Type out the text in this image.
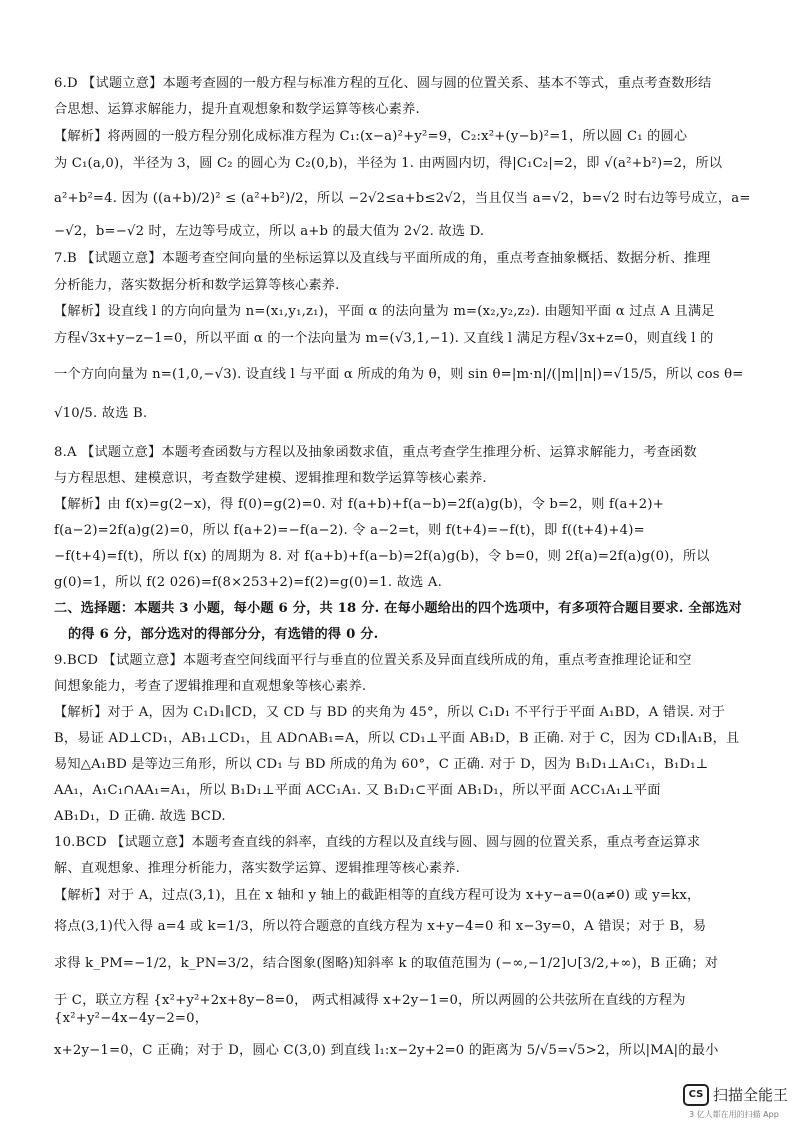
6.D 【试题立意】本题考查圆的一般方程与标准方程的互化、圆与圆的位置关系、基本不等式，重点考查数形结
合思想、运算求解能力，提升直观想象和数学运算等核心素养.
【解析】将两圆的一般方程分别化成标准方程为 C₁:(x−a)²+y²=9，C₂:x²+(y−b)²=1，所以圆 C₁ 的圆心
为 C₁(a,0)，半径为 3，圆 C₂ 的圆心为 C₂(0,b)，半径为 1. 由两圆内切，得|C₁C₂|=2，即 √(a²+b²)=2，所以
a²+b²=4. 因为 ((a+b)/2)² ≤ (a²+b²)/2，所以 −2√2≤a+b≤2√2，当且仅当 a=√2，b=√2 时右边等号成立，a=
−√2，b=−√2 时，左边等号成立，所以 a+b 的最大值为 2√2. 故选 D.
7.B 【试题立意】本题考查空间向量的坐标运算以及直线与平面所成的角，重点考查抽象概括、数据分析、推理
分析能力，落实数据分析和数学运算等核心素养.
【解析】设直线 l 的方向向量为 n=(x₁,y₁,z₁)，平面 α 的法向量为 m=(x₂,y₂,z₂). 由题知平面 α 过点 A 且满足
方程√3x+y−z−1=0，所以平面 α 的一个法向量为 m=(√3,1,−1). 又直线 l 满足方程√3x+z=0，则直线 l 的
一个方向向量为 n=(1,0,−√3). 设直线 l 与平面 α 所成的角为 θ，则 sin θ=|m·n|/(|m||n|)=√15/5，所以 cos θ=
√10/5. 故选 B.
8.A 【试题立意】本题考查函数与方程以及抽象函数求值，重点考查学生推理分析、运算求解能力，考查函数
与方程思想、建模意识，考查数学建模、逻辑推理和数学运算等核心素养.
【解析】由 f(x)=g(2−x)，得 f(0)=g(2)=0. 对 f(a+b)+f(a−b)=2f(a)g(b)，令 b=2，则 f(a+2)+
f(a−2)=2f(a)g(2)=0，所以 f(a+2)=−f(a−2). 令 a−2=t，则 f(t+4)=−f(t)，即 f((t+4)+4)=
−f(t+4)=f(t)，所以 f(x) 的周期为 8. 对 f(a+b)+f(a−b)=2f(a)g(b)，令 b=0，则 2f(a)=2f(a)g(0)，所以
g(0)=1，所以 f(2 026)=f(8×253+2)=f(2)=g(0)=1. 故选 A.
二、选择题：本题共 3 小题，每小题 6 分，共 18 分. 在每小题给出的四个选项中，有多项符合题目要求. 全部选对
的得 6 分，部分选对的得部分分，有选错的得 0 分.
9.BCD 【试题立意】本题考查空间线面平行与垂直的位置关系及异面直线所成的角，重点考查推理论证和空
间想象能力，考查了逻辑推理和直观想象等核心素养.
【解析】对于 A，因为 C₁D₁∥CD，又 CD 与 BD 的夹角为 45°，所以 C₁D₁ 不平行于平面 A₁BD，A 错误. 对于
B，易证 AD⊥CD₁，AB₁⊥CD₁，且 AD∩AB₁=A，所以 CD₁⊥平面 AB₁D，B 正确. 对于 C，因为 CD₁∥A₁B，且
易知△A₁BD 是等边三角形，所以 CD₁ 与 BD 所成的角为 60°，C 正确. 对于 D，因为 B₁D₁⊥A₁C₁，B₁D₁⊥
AA₁，A₁C₁∩AA₁=A₁，所以 B₁D₁⊥平面 ACC₁A₁. 又 B₁D₁⊂平面 AB₁D₁，所以平面 ACC₁A₁⊥平面
AB₁D₁，D 正确. 故选 BCD.
10.BCD 【试题立意】本题考查直线的斜率，直线的方程以及直线与圆、圆与圆的位置关系，重点考查运算求
解、直观想象、推理分析能力，落实数学运算、逻辑推理等核心素养.
【解析】对于 A，过点(3,1)，且在 x 轴和 y 轴上的截距相等的直线方程可设为 x+y−a=0(a≠0) 或 y=kx，
将点(3,1)代入得 a=4 或 k=1/3，所以符合题意的直线方程为 x+y−4=0 和 x−3y=0，A 错误；对于 B，易
求得 k_PM=−1/2，k_PN=3/2，结合图象(图略)知斜率 k 的取值范围为 (−∞,−1/2]∪[3/2,+∞)，B 正确；对
于 C，联立方程 {x²+y²+2x+8y−8=0， 两式相减得 x+2y−1=0，所以两圆的公共弦所在直线的方程为
{x²+y²−4x−4y−2=0，
x+2y−1=0，C 正确；对于 D，圆心 C(3,0) 到直线 l₁:x−2y+2=0 的距离为 5/√5=√5>2，所以|MA|的最小
CS 扫描全能王
3 亿人都在用的扫描 App
